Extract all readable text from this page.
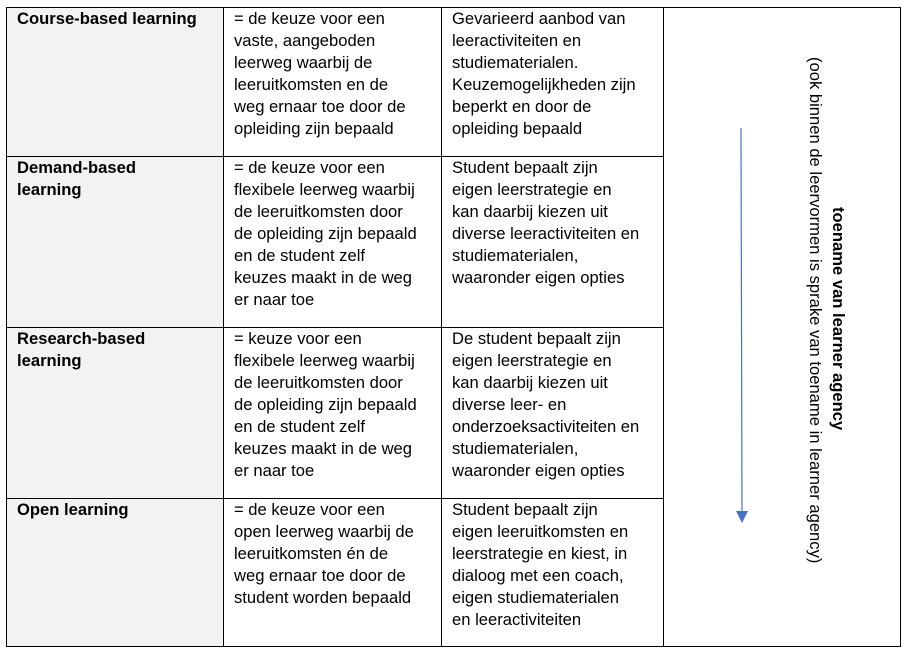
Course-based learning	= de keuze voor een
vaste, aangeboden
leerweg waarbij de
leeruitkomsten en de
weg ernaar toe door de
opleiding zijn bepaald
Gevarieerd aanbod van
leeractiviteiten en
studiematerialen.
Keuzemogelijkheden zijn
beperkt en door de
opleiding bepaald
Demand-based
learning
= de keuze voor een
flexibele leerweg waarbij
de leeruitkomsten door
de opleiding zijn bepaald
en de student zelf
keuzes maakt in de weg
er naar toe
Student bepaalt zijn
eigen leerstrategie en
kan daarbij kiezen uit
diverse leeractiviteiten en
studiematerialen,
waaronder eigen opties
Research-based
learning
= keuze voor een
flexibele leerweg waarbij
de leeruitkomsten door
de opleiding zijn bepaald
en de student zelf
keuzes maakt in de weg
er naar toe
De student bepaalt zijn
eigen leerstrategie en
kan daarbij kiezen uit
diverse leer- en
onderzoeksactiviteiten en
studiematerialen,
waaronder eigen opties
Open learning	= de keuze voor een
open leerweg waarbij de
leeruitkomsten én de
weg ernaar toe door de
student worden bepaald
Student bepaalt zijn
eigen leeruitkomsten en
leerstrategie en kiest, in
dialoog met een coach,
eigen studiematerialen
en leeractiviteiten
toename van learner agency
(ook binnen de leervormen is sprake van toename in learner agency)
